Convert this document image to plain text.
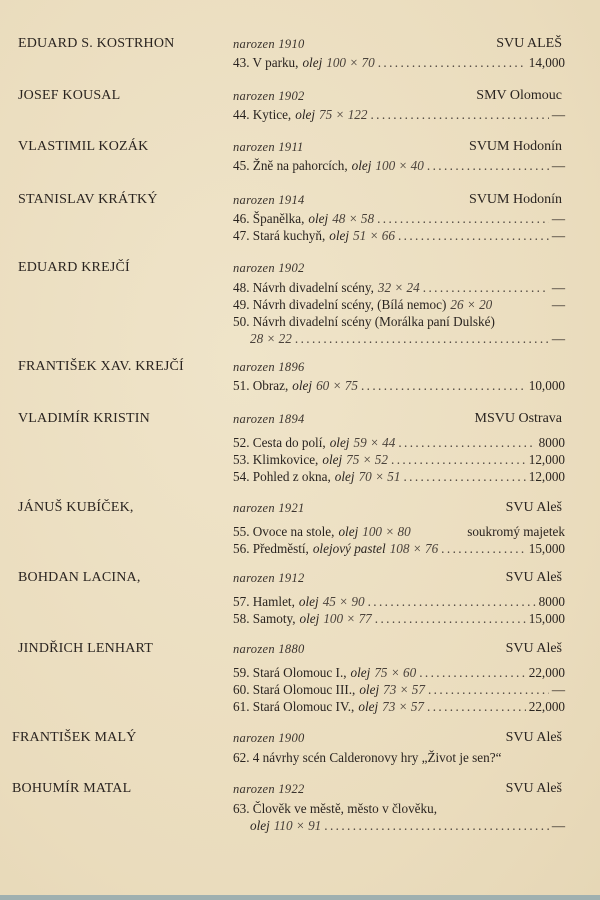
EDUARD S. KOSTRHON	narozen 1910	SVU ALEŠ
43. V parku, olej 100 × 70 .....	14,000
JOSEF KOUSAL	narozen 1902	SMV Olomouc
44. Kytice, olej 75 × 122 .....	—
VLASTIMIL KOZÁK	narozen 1911	SVUM Hodonín
45. Žně na pahorcích, olej 100 × 40 .....	—
STANISLAV KRÁTKÝ	narozen 1914	SVUM Hodonín
46. Španělka, olej 48 × 58 .....	—
47. Stará kuchyň, olej 51 × 66 .....	—
EDUARD KREJČÍ	narozen 1902
48. Návrh divadelní scény, 32 × 24 .....	—
49. Návrh divadelní scény, (Bílá nemoc) 26 × 20	—
50. Návrh divadelní scény (Morálka paní Dulské)
28 × 22 .....	—
FRANTIŠEK XAV. KREJČÍ	narozen 1896
51. Obraz, olej 60 × 75 .....	10,000
VLADIMÍR KRISTIN	narozen 1894	MSVU Ostrava
52. Cesta do polí, olej 59 × 44 .....	8000
53. Klimkovice, olej 75 × 52 .....	12,000
54. Pohled z okna, olej 70 × 51 .....	12,000
JÁNUŠ KUBÍČEK,	narozen 1921	SVU Aleš
55. Ovoce na stole, olej 100 × 80	soukromý majetek
56. Předměstí, olejový pastel 108 × 76 .....	15,000
BOHDAN LACINA,	narozen 1912	SVU Aleš
57. Hamlet, olej 45 × 90 .....	8000
58. Samoty, olej 100 × 77 .....	15,000
JINDŘICH LENHART	narozen 1880	SVU Aleš
59. Stará Olomouc I., olej 75 × 60 .....	22,000
60. Stará Olomouc III., olej 73 × 57 .....	—
61. Stará Olomouc IV., olej 73 × 57 .....	22,000
FRANTIŠEK MALÝ	narozen 1900	SVU Aleš
62. 4 návrhy scén Calderonovy hry „Život je sen?“
BOHUMÍR MATAL	narozen 1922	SVU Aleš
63. Člověk ve městě, město v člověku,
olej 110 × 91 .....	—
